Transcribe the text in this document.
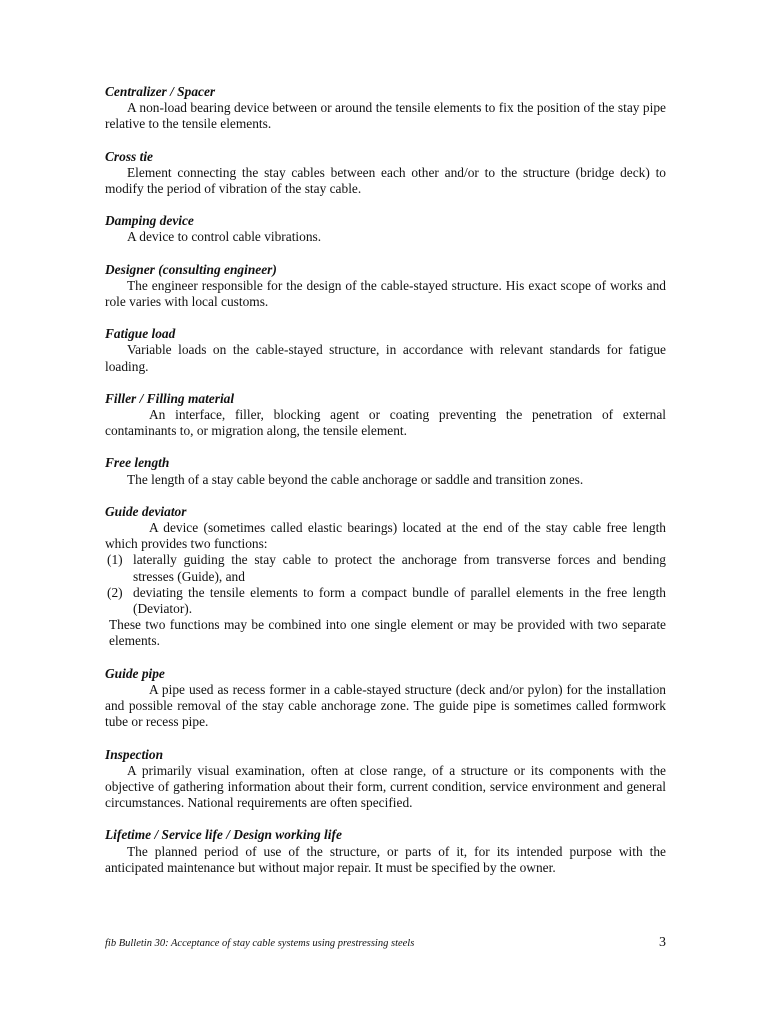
Centralizer / Spacer
A non-load bearing device between or around the tensile elements to fix the position of the stay pipe relative to the tensile elements.
Cross tie
Element connecting the stay cables between each other and/or to the structure (bridge deck) to modify the period of vibration of the stay cable.
Damping device
A device to control cable vibrations.
Designer (consulting engineer)
The engineer responsible for the design of the cable-stayed structure. His exact scope of works and role varies with local customs.
Fatigue load
Variable loads on the cable-stayed structure, in accordance with relevant standards for fatigue loading.
Filler / Filling material
An interface, filler, blocking agent or coating preventing the penetration of external contaminants to, or migration along, the tensile element.
Free length
The length of a stay cable beyond the cable anchorage or saddle and transition zones.
Guide deviator
A device (sometimes called elastic bearings) located at the end of the stay cable free length which provides two functions:
(1) laterally guiding the stay cable to protect the anchorage from transverse forces and bending stresses (Guide), and
(2) deviating the tensile elements to form a compact bundle of parallel elements in the free length (Deviator).
These two functions may be combined into one single element or may be provided with two separate elements.
Guide pipe
A pipe used as recess former in a cable-stayed structure (deck and/or pylon) for the installation and possible removal of the stay cable anchorage zone. The guide pipe is sometimes called formwork tube or recess pipe.
Inspection
A primarily visual examination, often at close range, of a structure or its components with the objective of gathering information about their form, current condition, service environment and general circumstances. National requirements are often specified.
Lifetime / Service life / Design working life
The planned period of use of the structure, or parts of it, for its intended purpose with the anticipated maintenance but without major repair. It must be specified by the owner.
fib Bulletin 30: Acceptance of stay cable systems using prestressing steels	3
